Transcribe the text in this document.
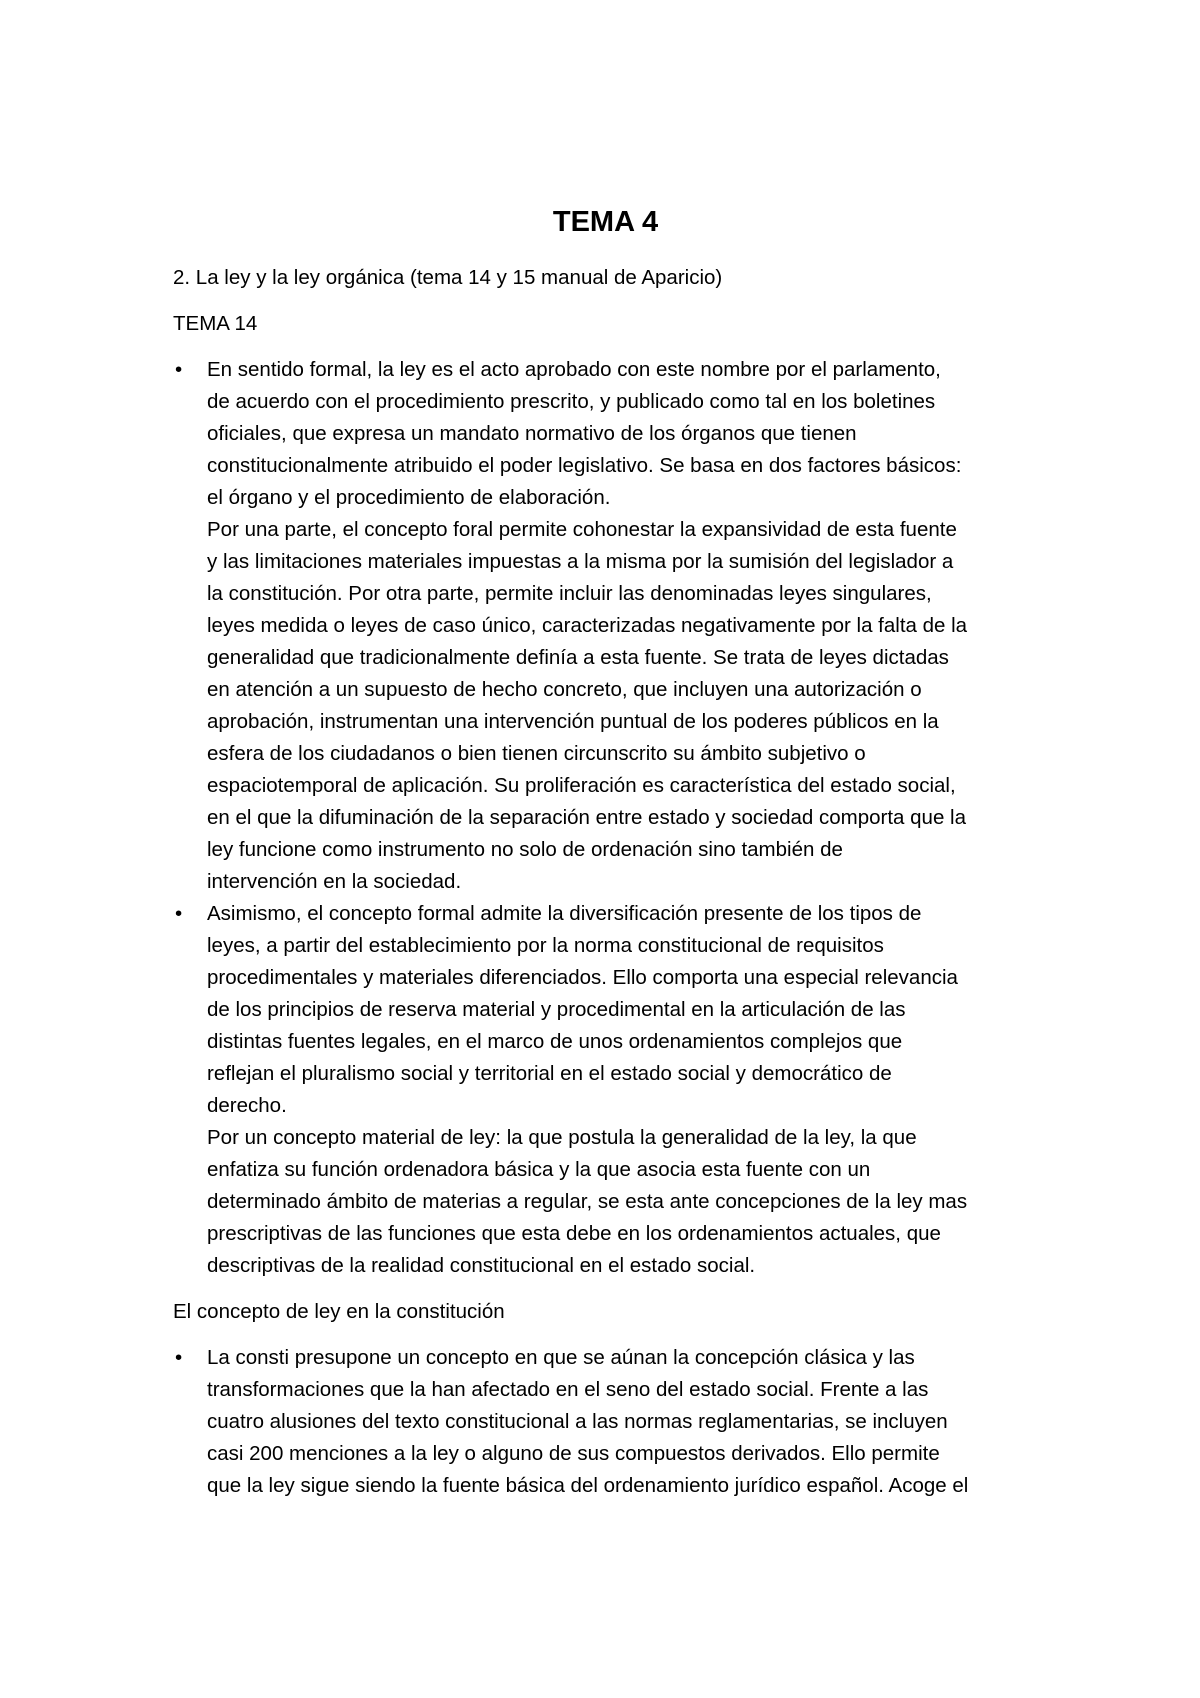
TEMA 4
2. La ley y la ley orgánica (tema 14 y 15 manual de Aparicio)
TEMA 14
•	En sentido formal, la ley es el acto aprobado con este nombre por el parlamento,
de acuerdo con el procedimiento prescrito, y publicado como tal en los boletines
oficiales, que expresa un mandato normativo de los órganos que tienen
constitucionalmente atribuido el poder legislativo. Se basa en dos factores básicos:
el órgano y el procedimiento de elaboración.
Por una parte, el concepto foral permite cohonestar la expansividad de esta fuente
y las limitaciones materiales impuestas a la misma por la sumisión del legislador a
la constitución. Por otra parte, permite incluir las denominadas leyes singulares,
leyes medida o leyes de caso único, caracterizadas negativamente por la falta de la
generalidad que tradicionalmente definía a esta fuente. Se trata de leyes dictadas
en atención a un supuesto de hecho concreto, que incluyen una autorización o
aprobación, instrumentan una intervención puntual de los poderes públicos en la
esfera de los ciudadanos o bien tienen circunscrito su ámbito subjetivo o
espaciotemporal de aplicación. Su proliferación es característica del estado social,
en el que la difuminación de la separación entre estado y sociedad comporta que la
ley funcione como instrumento no solo de ordenación sino también de
intervención en la sociedad.
•	Asimismo, el concepto formal admite la diversificación presente de los tipos de
leyes, a partir del establecimiento por la norma constitucional de requisitos
procedimentales y materiales diferenciados. Ello comporta una especial relevancia
de los principios de reserva material y procedimental en la articulación de las
distintas fuentes legales, en el marco de unos ordenamientos complejos que
reflejan el pluralismo social y territorial en el estado social y democrático de
derecho.
Por un concepto material de ley: la que postula la generalidad de la ley, la que
enfatiza su función ordenadora básica y la que asocia esta fuente con un
determinado ámbito de materias a regular, se esta ante concepciones de la ley mas
prescriptivas de las funciones que esta debe en los ordenamientos actuales, que
descriptivas de la realidad constitucional en el estado social.
El concepto de ley en la constitución
•	La consti presupone un concepto en que se aúnan la concepción clásica y las
transformaciones que la han afectado en el seno del estado social. Frente a las
cuatro alusiones del texto constitucional a las normas reglamentarias, se incluyen
casi 200 menciones a la ley o alguno de sus compuestos derivados. Ello permite
que la ley sigue siendo la fuente básica del ordenamiento jurídico español. Acoge el
